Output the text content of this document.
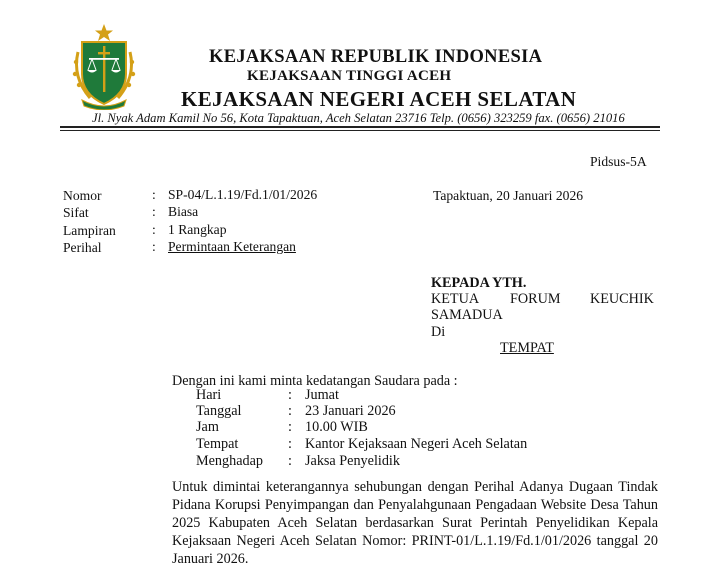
KEJAKSAAN REPUBLIK INDONESIA
KEJAKSAAN TINGGI ACEH
KEJAKSAAN NEGERI ACEH SELATAN
Jl. Nyak Adam Kamil No 56, Kota Tapaktuan, Aceh Selatan 23716 Telp. (0656) 323259 fax. (0656) 21016
Pidsus-5A
Nomor	: SP-04/L.1.19/Fd.1/01/2026
Sifat	: Biasa
Lampiran	: 1 Rangkap
Perihal	: Permintaan Keterangan
Tapaktuan, 20 Januari 2026
KEPADA YTH.
KETUA FORUM KEUCHIK
SAMADUA
Di
TEMPAT
Dengan ini kami minta kedatangan Saudara pada :
Hari	: Jumat
Tanggal	: 23 Januari 2026
Jam	: 10.00 WIB
Tempat	: Kantor Kejaksaan Negeri Aceh Selatan
Menghadap : Jaksa Penyelidik
Untuk dimintai keterangannya sehubungan dengan Perihal Adanya Dugaan Tindak Pidana Korupsi Penyimpangan dan Penyalahgunaan Pengadaan Website Desa Tahun 2025 Kabupaten Aceh Selatan berdasarkan Surat Perintah Penyelidikan Kepala Kejaksaan Negeri Aceh Selatan Nomor: PRINT-01/L.1.19/Fd.1/01/2026 tanggal 20 Januari 2026.
